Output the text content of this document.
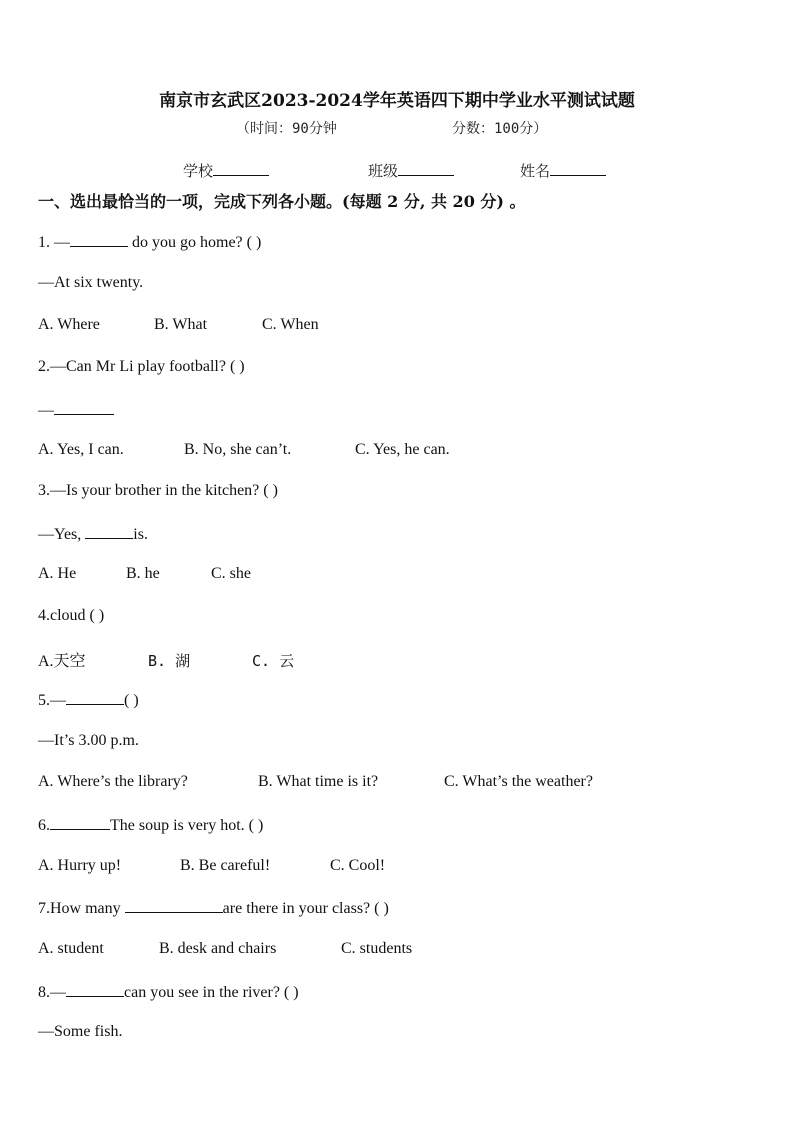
南京市玄武区2023-2024学年英语四下期中学业水平测试试题
（时间：90分钟	分数：100分）
学校	班级	姓名
一、选出最恰当的一项，完成下列各小题。(每题 2 分, 共 20 分) 。
1. —	do you go home? ( )
—At six twenty.
A. Where	B. What	C. When
2.—Can Mr Li play football? ( )
—
A. Yes, I can.	B. No, she can’t.	C. Yes, he can.
3.—Is your brother in the kitchen? ( )
—Yes,	is.
A. He	B. he	C. she
4.cloud ( )
A.天空	B. 湖	C. 云
5.—	( )
—It’s 3.00 p.m.
A. Where’s the library?	B. What time is it?	C. What’s the weather?
6.	The soup is very hot. ( )
A. Hurry up!	B. Be careful!	C. Cool!
7.How many	are there in your class? ( )
A. student	B. desk and chairs	C. students
8.—	can you see in the river? ( )
—Some fish.
